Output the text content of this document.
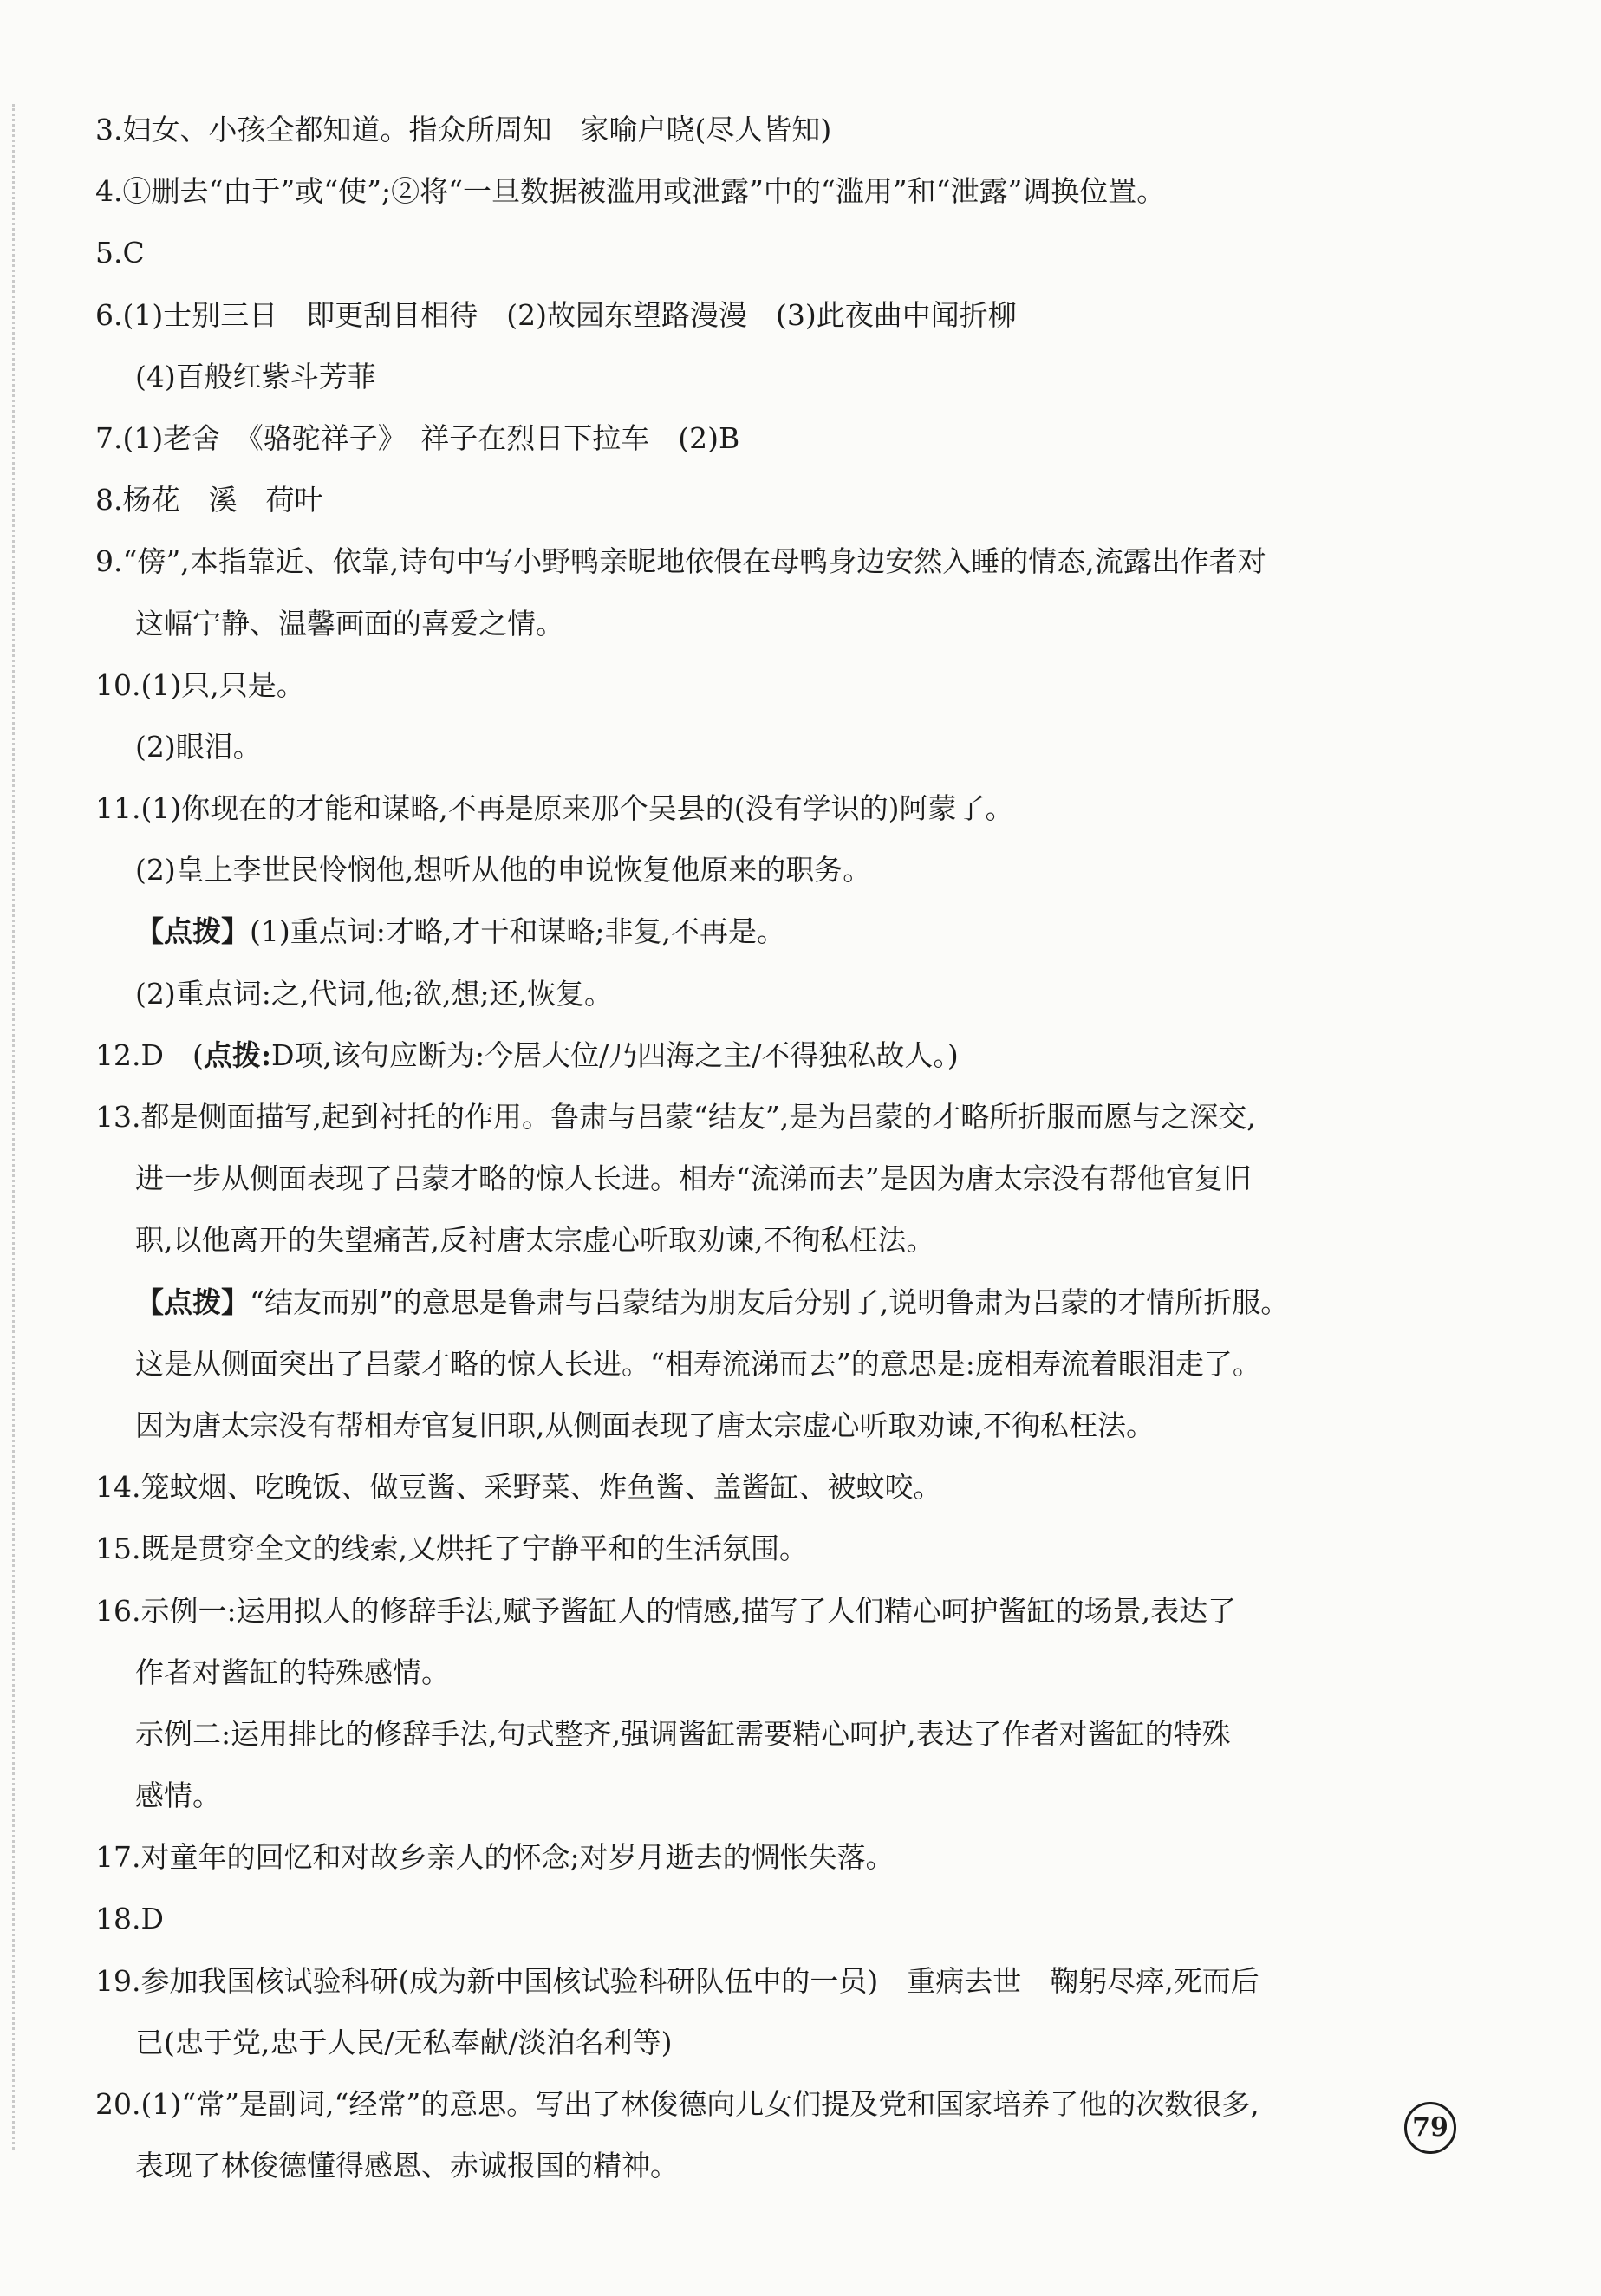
3.妇女、小孩全都知道。指众所周知　家喻户晓(尽人皆知)
4.①删去“由于”或“使”;②将“一旦数据被滥用或泄露”中的“滥用”和“泄露”调换位置。
5.C
6.(1)士别三日　即更刮目相待　(2)故园东望路漫漫　(3)此夜曲中闻折柳
(4)百般红紫斗芳菲
7.(1)老舍　《骆驼祥子》　祥子在烈日下拉车　(2)B
8.杨花　溪　荷叶
9.“傍”,本指靠近、依靠,诗句中写小野鸭亲昵地依偎在母鸭身边安然入睡的情态,流露出作者对
这幅宁静、温馨画面的喜爱之情。
10.(1)只,只是。
(2)眼泪。
11.(1)你现在的才能和谋略,不再是原来那个吴县的(没有学识的)阿蒙了。
(2)皇上李世民怜悯他,想听从他的申说恢复他原来的职务。
【点拨】(1)重点词:才略,才干和谋略;非复,不再是。
(2)重点词:之,代词,他;欲,想;还,恢复。
12.D　(点拨:D项,该句应断为:今居大位/乃四海之主/不得独私故人。)
13.都是侧面描写,起到衬托的作用。鲁肃与吕蒙“结友”,是为吕蒙的才略所折服而愿与之深交,
进一步从侧面表现了吕蒙才略的惊人长进。相寿“流涕而去”是因为唐太宗没有帮他官复旧
职,以他离开的失望痛苦,反衬唐太宗虚心听取劝谏,不徇私枉法。
【点拨】“结友而别”的意思是鲁肃与吕蒙结为朋友后分别了,说明鲁肃为吕蒙的才情所折服。
这是从侧面突出了吕蒙才略的惊人长进。“相寿流涕而去”的意思是:庞相寿流着眼泪走了。
因为唐太宗没有帮相寿官复旧职,从侧面表现了唐太宗虚心听取劝谏,不徇私枉法。
14.笼蚊烟、吃晚饭、做豆酱、采野菜、炸鱼酱、盖酱缸、被蚊咬。
15.既是贯穿全文的线索,又烘托了宁静平和的生活氛围。
16.示例一:运用拟人的修辞手法,赋予酱缸人的情感,描写了人们精心呵护酱缸的场景,表达了
作者对酱缸的特殊感情。
示例二:运用排比的修辞手法,句式整齐,强调酱缸需要精心呵护,表达了作者对酱缸的特殊
感情。
17.对童年的回忆和对故乡亲人的怀念;对岁月逝去的惆怅失落。
18.D
19.参加我国核试验科研(成为新中国核试验科研队伍中的一员)　重病去世　鞠躬尽瘁,死而后
已(忠于党,忠于人民/无私奉献/淡泊名利等)
20.(1)“常”是副词,“经常”的意思。写出了林俊德向儿女们提及党和国家培养了他的次数很多,
表现了林俊德懂得感恩、赤诚报国的精神。
79
